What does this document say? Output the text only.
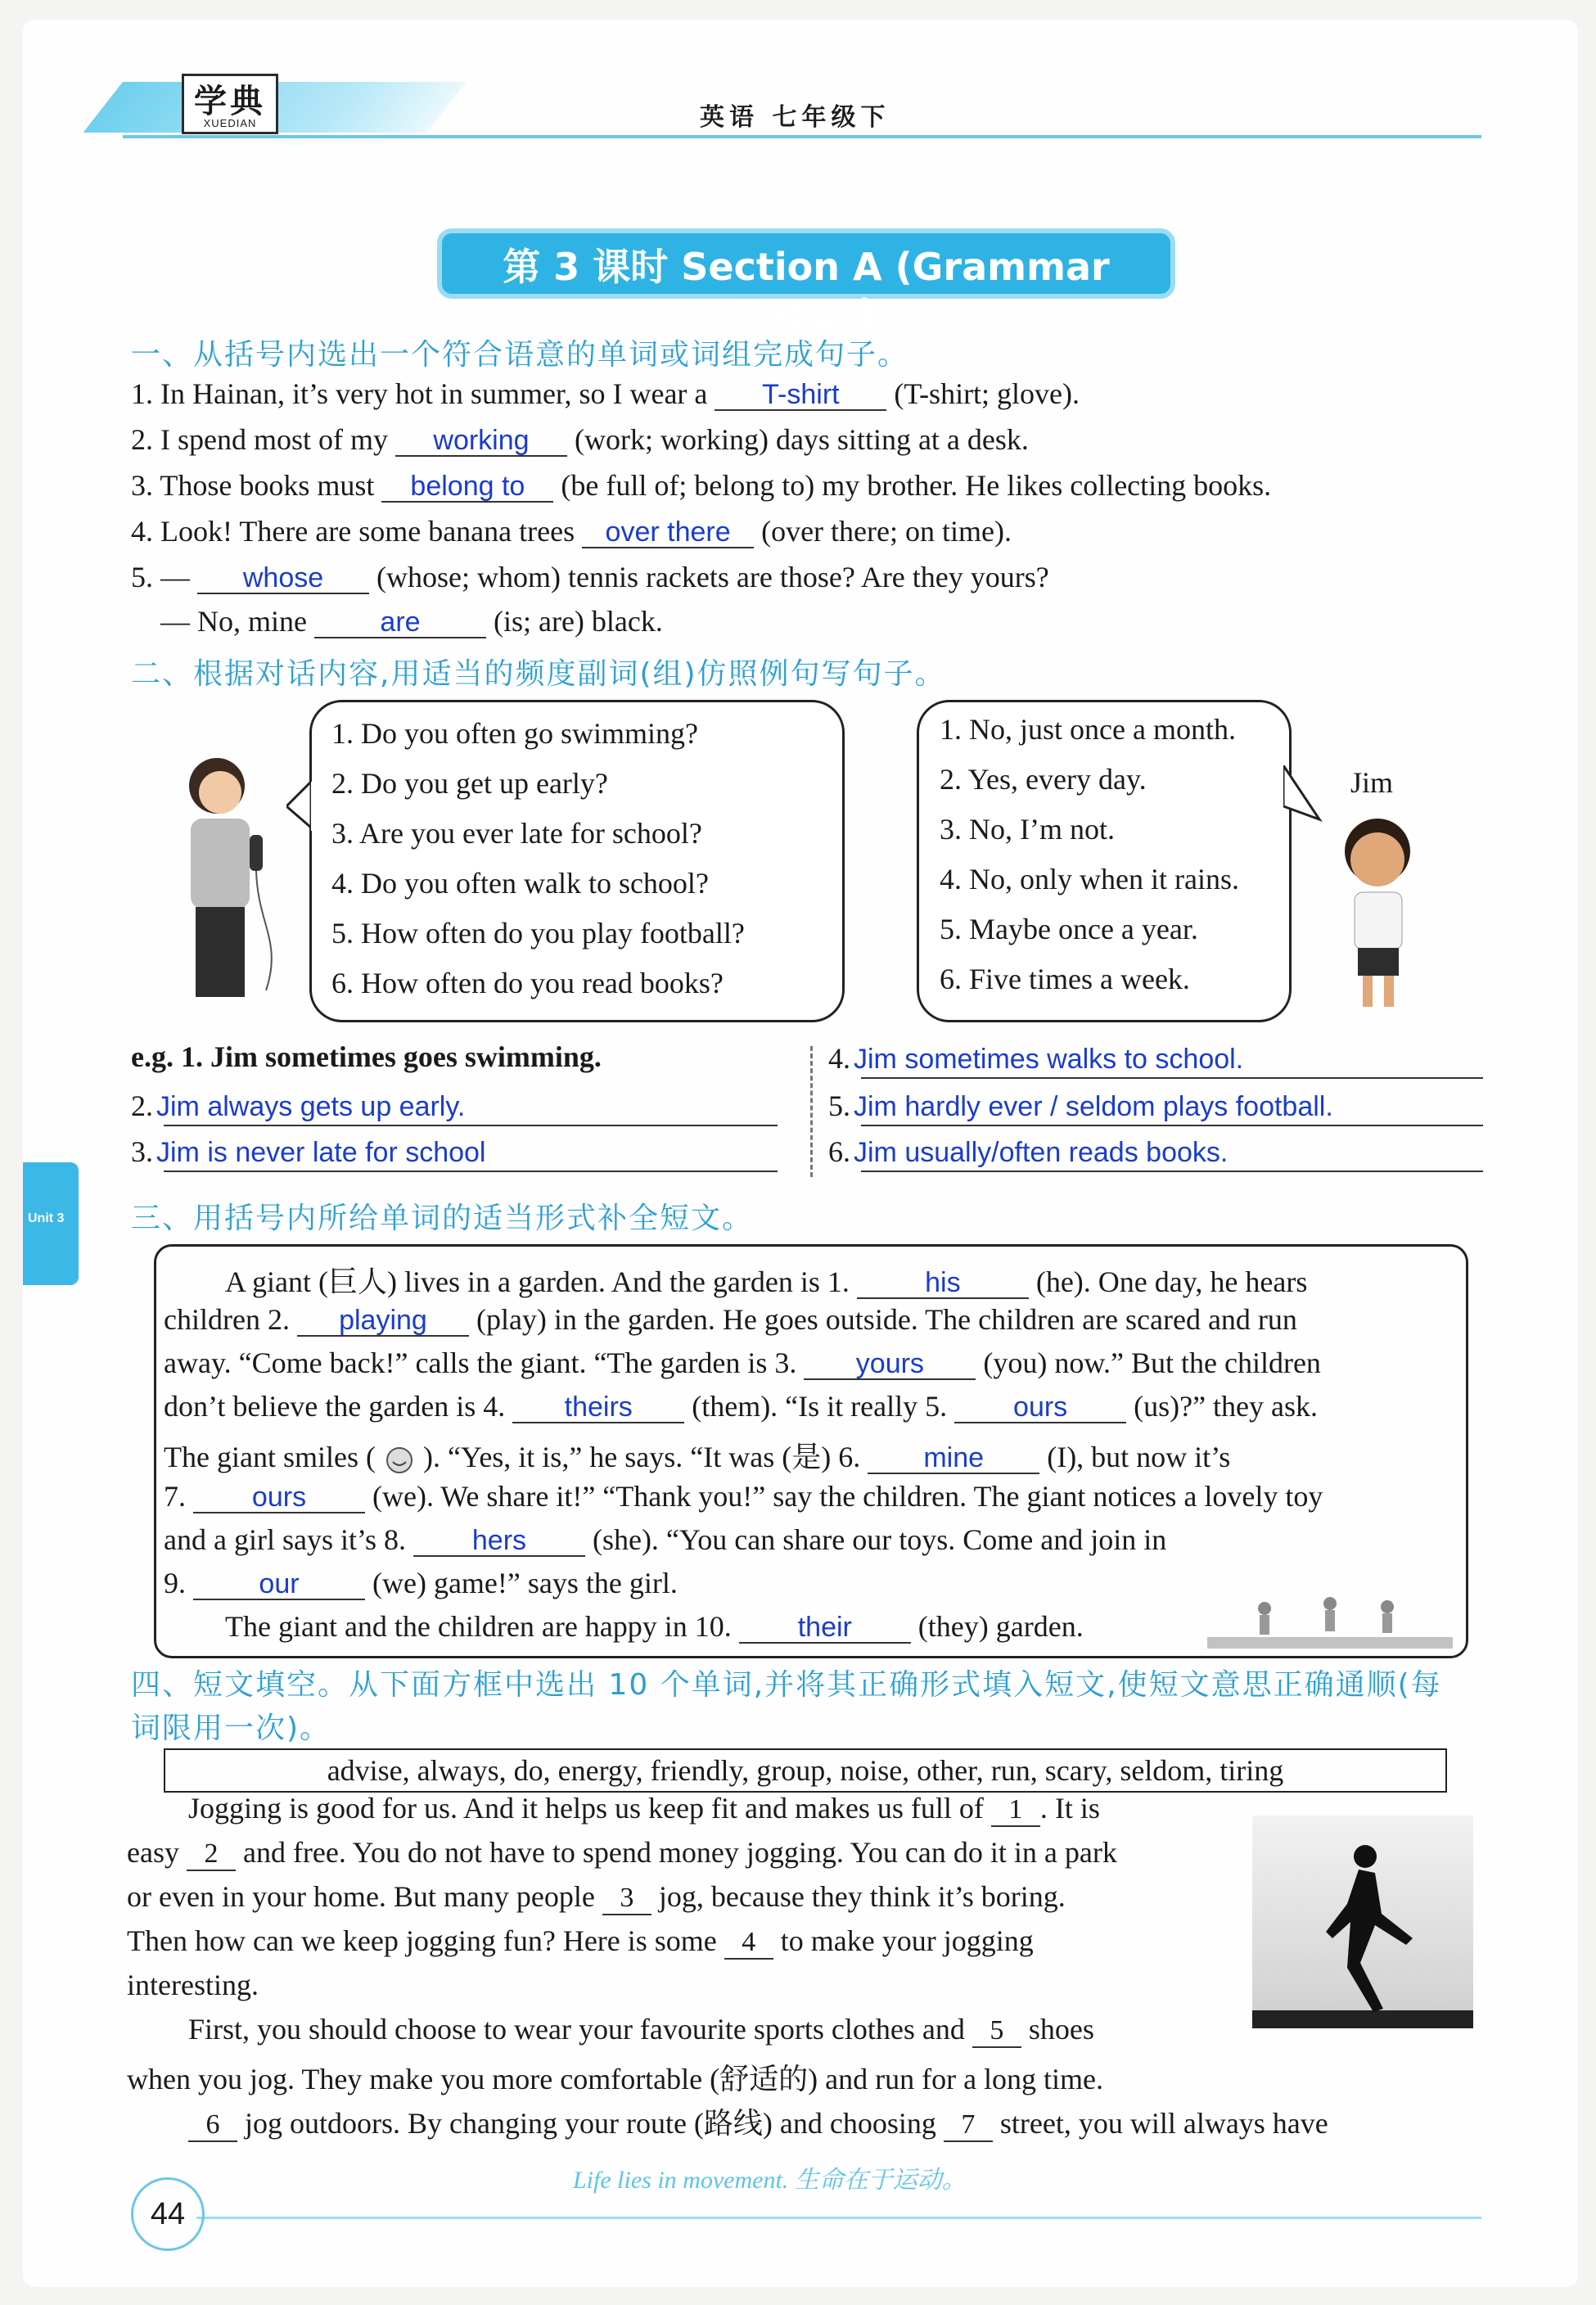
学典
XUEDIAN	英语 七年级下
Unit 3
第 3 课时 Section A (Grammar Focus)
一、从括号内选出一个符合语意的单词或词组完成句子。
1. In Hainan, it’s very hot in summer, so I wear a T-shirt (T-shirt; glove).
2. I spend most of my working (work; working) days sitting at a desk.
3. Those books must belong to (be full of; belong to) my brother. He likes collecting books.
4. Look! There are some banana trees over there (over there; on time).
5. — whose (whose; whom) tennis rackets are those? Are they yours?
— No, mine	are (is; are) black.
二、根据对话内容,用适当的频度副词(组)仿照例句写句子。
1. Do you often go swimming?
2. Do you get up early?
3. Are you ever late for school?
4. Do you often walk to school?
5. How often do you play football?
6. How often do you read books?
1. No, just once a month.
2. Yes, every day.
3. No, I’m not.
4. No, only when it rains.
5. Maybe once a year.
6. Five times a week.
Jim
e.g. 1. Jim sometimes goes swimming.
2. Jim always gets up early.
3. Jim is never late for school
4. Jim sometimes walks to school.
5. Jim hardly ever / seldom plays football.
6. Jim usually/often reads books.
三、用括号内所给单词的适当形式补全短文。
A giant (巨人) lives in a garden. And the garden is 1.	his	(he). One day, he hears
children 2. playing (play) in the garden. He goes outside. The children are scared and run
away. “Come back!” calls the giant. “The garden is 3. yours (you) now.” But the children
don’t believe the garden is 4. theirs (them). “Is it really 5. ours (us)?” they ask.
The giant smiles ( ). “Yes, it is,” he says. “It was (是) 6. mine (I), but now it’s
7. ours (we). We share it!” “Thank you!” say the children. The giant notices a lovely toy
and a girl says it’s 8. hers (she). “You can share our toys. Come and join in
9.	our (we) game!” says the girl.
The giant and the children are happy in 10. their (they) garden.
四、短文填空。从下面方框中选出 10 个单词,并将其正确形式填入短文,使短文意思正确通顺(每
词限用一次)。
advise, always, do, energy, friendly, group, noise, other, run, scary, seldom, tiring
Jogging is good for us. And it helps us keep fit and makes us full of 1 . It is
easy 2 and free. You do not have to spend money jogging. You can do it in a park
or even in your home. But many people 3 jog, because they think it’s boring.
Then how can we keep jogging fun? Here is some 4 to make your jogging
interesting.
First, you should choose to wear your favourite sports clothes and 5 shoes
when you jog. They make you more comfortable (舒适的) and run for a long time.
6 jog outdoors. By changing your route (路线) and choosing 7 street, you will always have
Life lies in movement. 生命在于运动。
44
